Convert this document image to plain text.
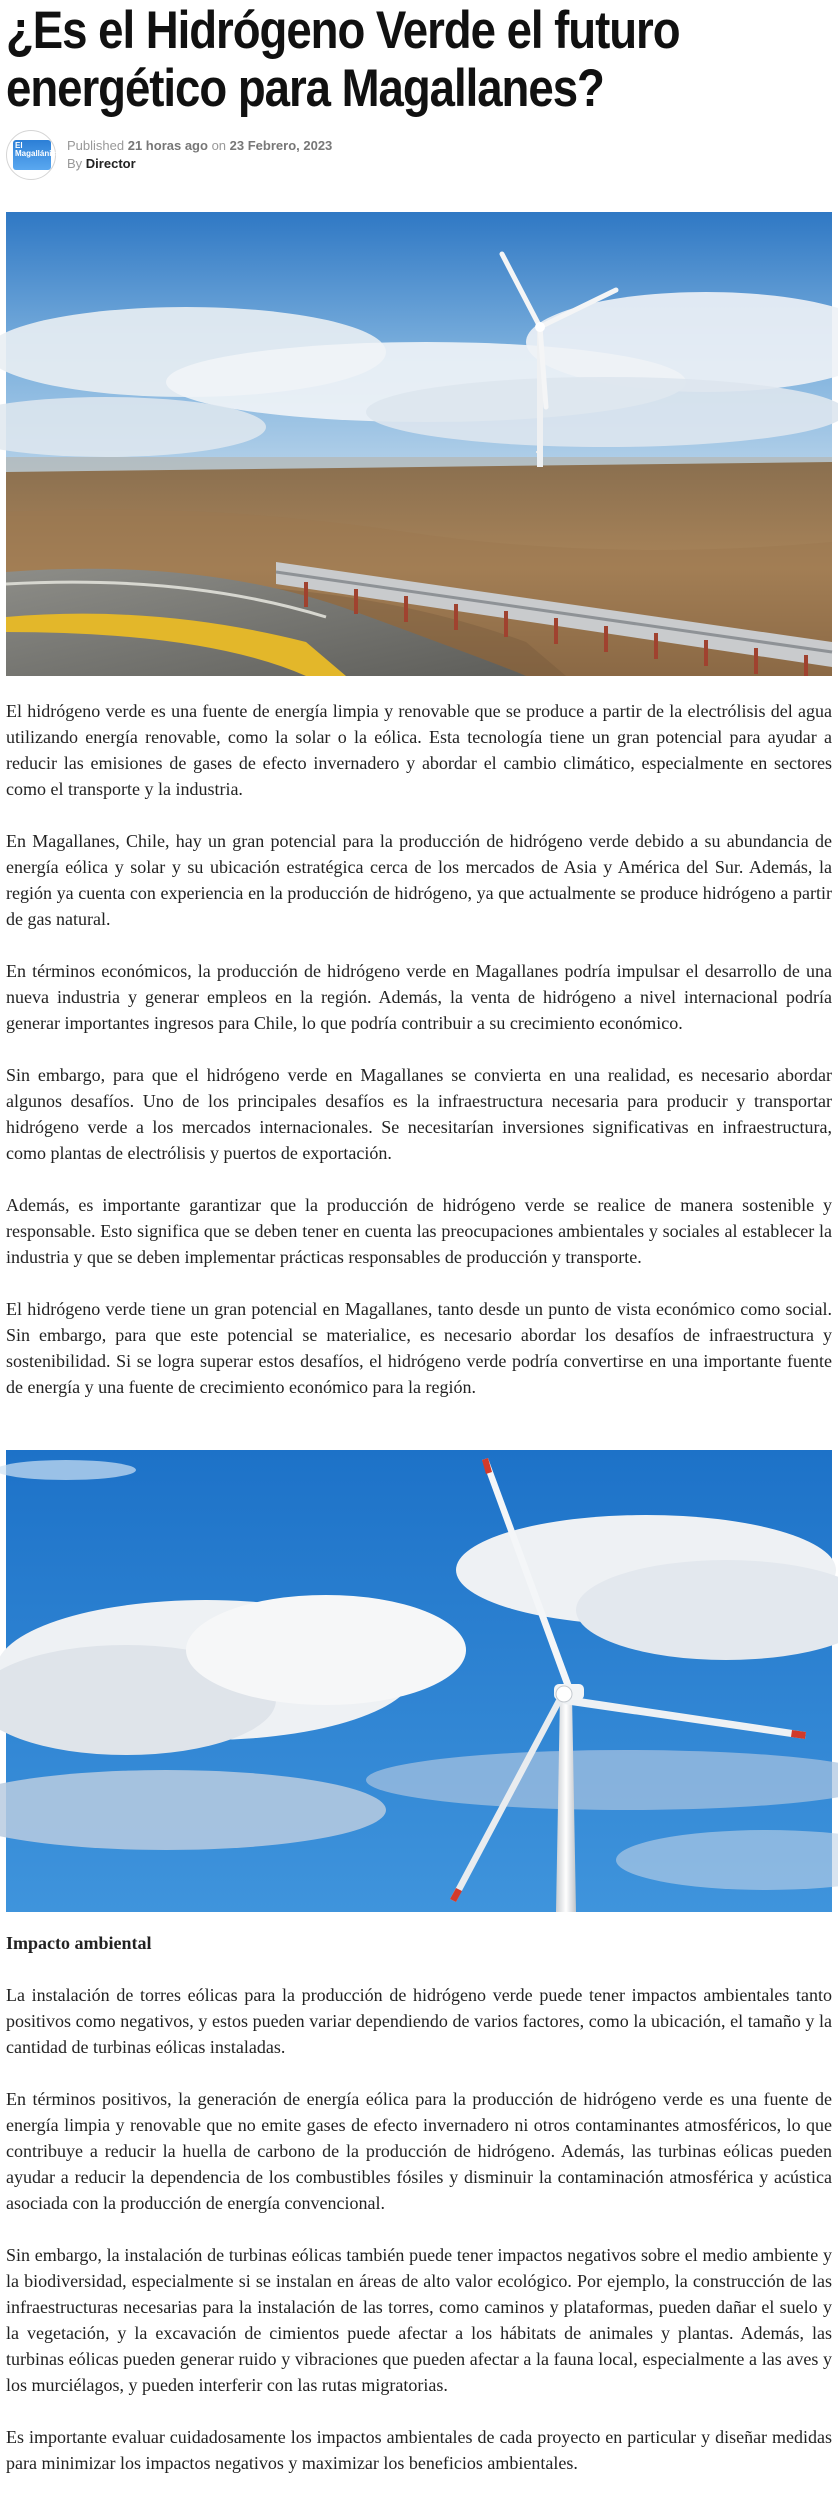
¿Es el Hidrógeno Verde el futuro
energético para Magallanes?
El Magallánico
Published 21 horas ago on 23 Febrero, 2023
By Director

El hidrógeno verde es una fuente de energía limpia y renovable que se produce a partir de la electrólisis del agua utilizando energía renovable, como la solar o la eólica. Esta tecnología tiene un gran potencial para ayudar a reducir las emisiones de gases de efecto invernadero y abordar el cambio climático, especialmente en sectores como el transporte y la industria.

En Magallanes, Chile, hay un gran potencial para la producción de hidrógeno verde debido a su abundancia de energía eólica y solar y su ubicación estratégica cerca de los mercados de Asia y América del Sur. Además, la región ya cuenta con experiencia en la producción de hidrógeno, ya que actualmente se produce hidrógeno a partir de gas natural.

En términos económicos, la producción de hidrógeno verde en Magallanes podría impulsar el desarrollo de una nueva industria y generar empleos en la región. Además, la venta de hidrógeno a nivel internacional podría generar importantes ingresos para Chile, lo que podría contribuir a su crecimiento económico.

Sin embargo, para que el hidrógeno verde en Magallanes se convierta en una realidad, es necesario abordar algunos desafíos. Uno de los principales desafíos es la infraestructura necesaria para producir y transportar hidrógeno verde a los mercados internacionales. Se necesitarían inversiones significativas en infraestructura, como plantas de electrólisis y puertos de exportación.

Además, es importante garantizar que la producción de hidrógeno verde se realice de manera sostenible y responsable. Esto significa que se deben tener en cuenta las preocupaciones ambientales y sociales al establecer la industria y que se deben implementar prácticas responsables de producción y transporte.

El hidrógeno verde tiene un gran potencial en Magallanes, tanto desde un punto de vista económico como social. Sin embargo, para que este potencial se materialice, es necesario abordar los desafíos de infraestructura y sostenibilidad. Si se logra superar estos desafíos, el hidrógeno verde podría convertirse en una importante fuente de energía y una fuente de crecimiento económico para la región.

Impacto ambiental

La instalación de torres eólicas para la producción de hidrógeno verde puede tener impactos ambientales tanto positivos como negativos, y estos pueden variar dependiendo de varios factores, como la ubicación, el tamaño y la cantidad de turbinas eólicas instaladas.

En términos positivos, la generación de energía eólica para la producción de hidrógeno verde es una fuente de energía limpia y renovable que no emite gases de efecto invernadero ni otros contaminantes atmosféricos, lo que contribuye a reducir la huella de carbono de la producción de hidrógeno. Además, las turbinas eólicas pueden ayudar a reducir la dependencia de los combustibles fósiles y disminuir la contaminación atmosférica y acústica asociada con la producción de energía convencional.

Sin embargo, la instalación de turbinas eólicas también puede tener impactos negativos sobre el medio ambiente y la biodiversidad, especialmente si se instalan en áreas de alto valor ecológico. Por ejemplo, la construcción de las infraestructuras necesarias para la instalación de las torres, como caminos y plataformas, pueden dañar el suelo y la vegetación, y la excavación de cimientos puede afectar a los hábitats de animales y plantas. Además, las turbinas eólicas pueden generar ruido y vibraciones que pueden afectar a la fauna local, especialmente a las aves y los murciélagos, y pueden interferir con las rutas migratorias.

Es importante evaluar cuidadosamente los impactos ambientales de cada proyecto en particular y diseñar medidas para minimizar los impactos negativos y maximizar los beneficios ambientales.
